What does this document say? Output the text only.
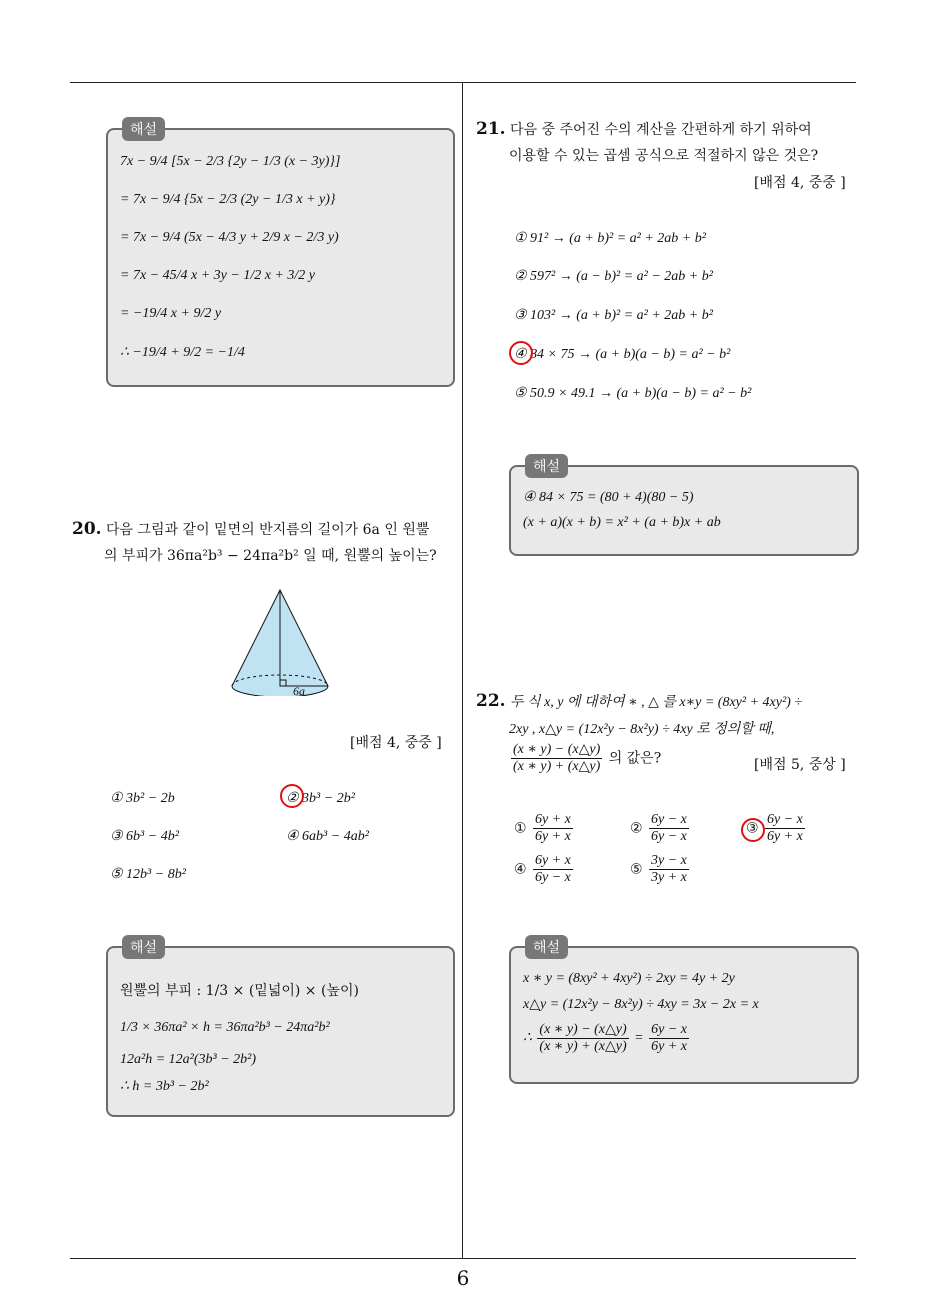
6
해설
7x − 9/4 [5x − 2/3 {2y − 1/3 (x − 3y)}]
= 7x − 9/4 {5x − 2/3 (2y − 1/3 x + y)}
= 7x − 9/4 (5x − 4/3 y + 2/9 x − 2/3 y)
= 7x − 45/4 x + 3y − 1/2 x + 3/2 y
= −19/4 x + 9/2 y
∴ −19/4 + 9/2 = −1/4
20. 다음 그림과 같이 밑면의 반지름의 길이가 6a 인 원뿔
의 부피가 36πa²b³ − 24πa²b² 일 때, 원뿔의 높이는?
6a
[배점 4, 중중 ]
① 3b² − 2b	② 3b³ − 2b²
③ 6b³ − 4b²	④ 6ab³ − 4ab²
⑤ 12b³ − 8b²
해설
원뿔의 부피 : 1/3 × (밑넓이) × (높이)
1/3 × 36πa² × h = 36πa²b³ − 24πa²b²
12a²h = 12a²(3b³ − 2b²)
∴ h = 3b³ − 2b²
21. 다음 중 주어진 수의 계산을 간편하게 하기 위하여
이용할 수 있는 곱셈 공식으로 적절하지 않은 것은?
[배점 4, 중중 ]
① 91² → (a + b)² = a² + 2ab + b²
② 597² → (a − b)² = a² − 2ab + b²
③ 103² → (a + b)² = a² + 2ab + b²
④ 84 × 75 → (a + b)(a − b) = a² − b²
⑤ 50.9 × 49.1 → (a + b)(a − b) = a² − b²
해설
④ 84 × 75 = (80 + 4)(80 − 5)
(x + a)(x + b) = x² + (a + b)x + ab
22. 두 식 x, y 에 대하여 ∗ , △ 를 x∗y = (8xy² + 4xy²) ÷
2xy , x△y = (12x²y − 8x²y) ÷ 4xy 로 정의할 때,
$\frac{(x ∗ y) - (x\triangle y)}{(x ∗ y) + (x\triangle y)}$ 의 값은?	[배점 5, 중상 ]
① $\frac{6y + x}{6y + x}$	② $\frac{6y - x}{6y - x}$	③ $\frac{6y - x}{6y + x}$
④ $\frac{6y + x}{6y - x}$	⑤ $\frac{3y - x}{3y + x}$
해설
x ∗ y = (8xy² + 4xy²) ÷ 2xy = 4y + 2y
x△y = (12x²y − 8x²y) ÷ 4xy = 3x − 2x = x
∴ $\frac{(x ∗ y) - (x\triangle y)}{(x ∗ y) + (x\triangle y)} = \frac{6y - x}{6y + x}$
